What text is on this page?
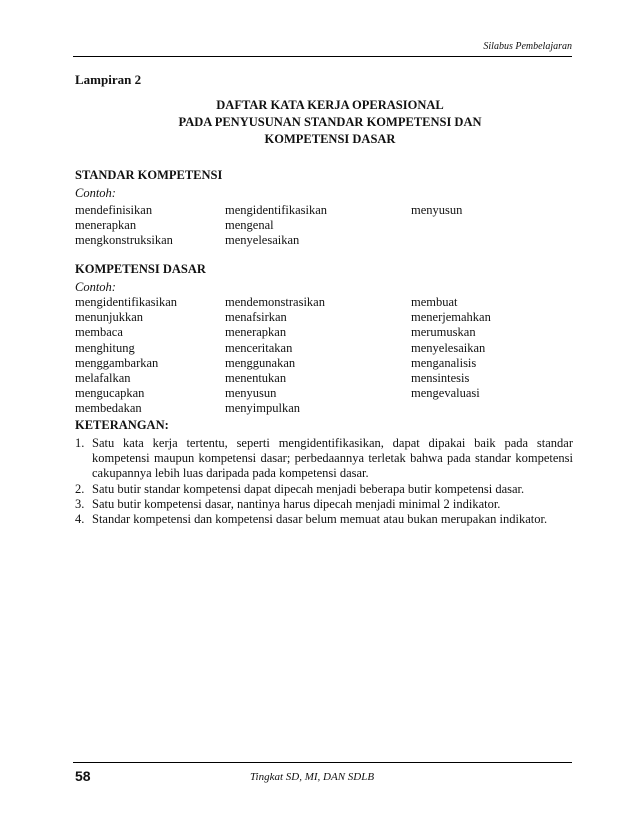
Silabus Pembelajaran
Lampiran 2
DAFTAR KATA KERJA OPERASIONAL
PADA PENYUSUNAN STANDAR KOMPETENSI DAN
KOMPETENSI DASAR
STANDAR KOMPETENSI
Contoh:
mendefinisikan	mengidentifikasikan	menyusun
menerapkan	mengenal
mengkonstruksikan	menyelesaikan
KOMPETENSI DASAR
Contoh:
mengidentifikasikan	mendemonstrasikan	membuat
menunjukkan	menafsirkan	menerjemahkan
membaca	menerapkan	merumuskan
menghitung	menceritakan	menyelesaikan
menggambarkan	menggunakan	menganalisis
melafalkan	menentukan	mensintesis
mengucapkan	menyusun	mengevaluasi
membedakan	menyimpulkan
KETERANGAN:
1. Satu kata kerja tertentu, seperti mengidentifikasikan, dapat dipakai baik pada standar kompetensi maupun kompetensi dasar; perbedaannya terletak bahwa pada standar kompetensi cakupannya lebih luas daripada pada kompetensi dasar.
2. Satu butir standar kompetensi dapat dipecah menjadi beberapa butir kompetensi dasar.
3. Satu butir kompetensi dasar, nantinya harus dipecah menjadi minimal 2 indikator.
4. Standar kompetensi dan kompetensi dasar belum memuat atau bukan merupakan indikator.
58	Tingkat SD, MI, DAN SDLB
